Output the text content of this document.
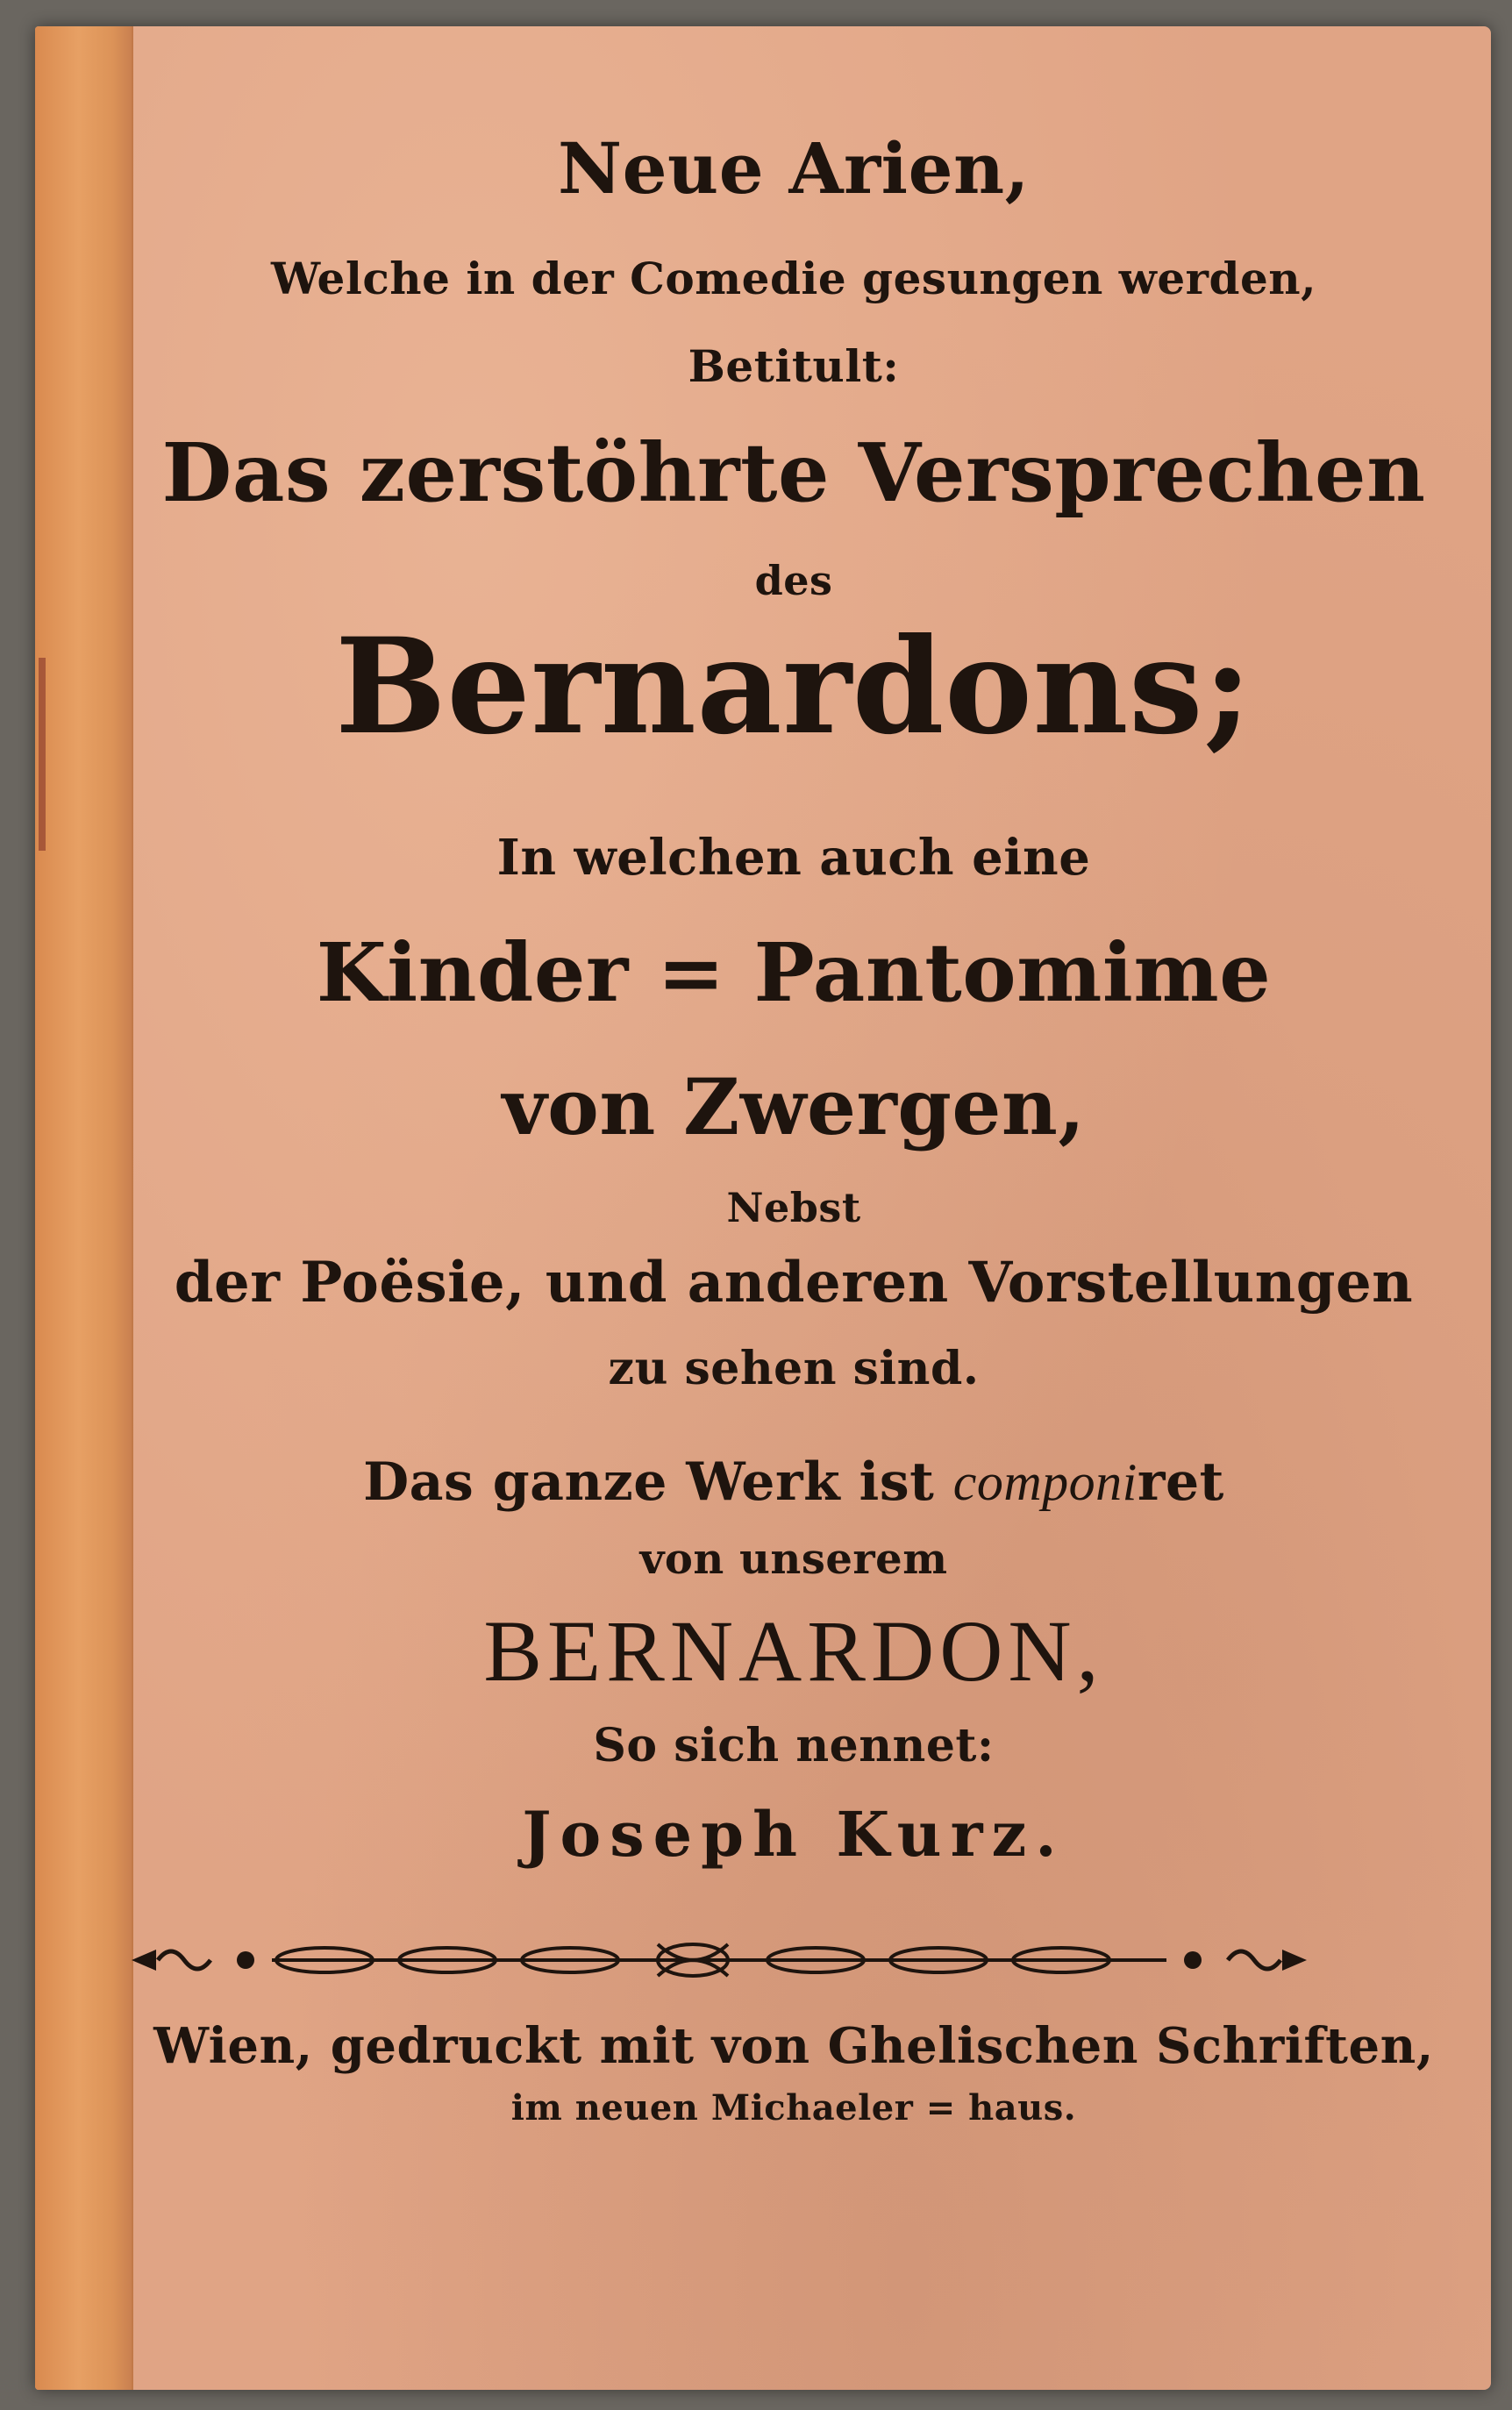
Neue Arien,
Welche in der Comedie gesungen werden,
Betitult:
Das zerstöhrte Versprechen
des
Bernardons;
In welchen auch eine
Kinder = Pantomime
von Zwergen,
Nebst
der Poësie, und anderen Vorstellungen
zu sehen sind.
Das ganze Werk ist componiret
von unserem
BERNARDON,
So sich nennet:
Joseph Kurz.
Wien, gedruckt mit von Ghelischen Schriften,
im neuen Michaeler = haus.
